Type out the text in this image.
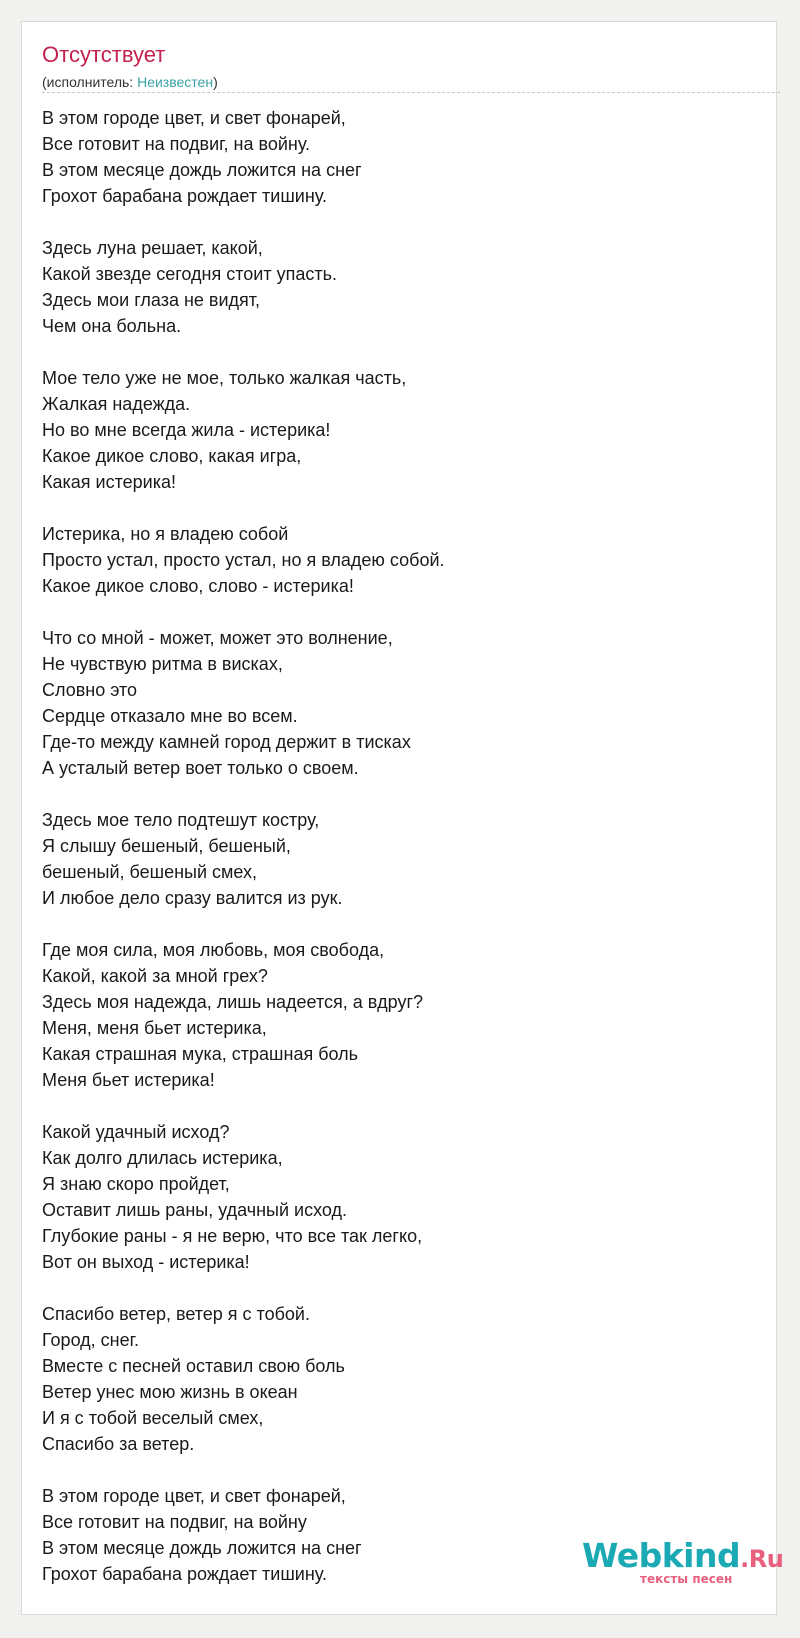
Отсутствует
(исполнитель: Неизвестен)
В этом городе цвет, и свет фонарей,
Все готовит на подвиг, на войну.
В этом месяце дождь ложится на снег
Грохот барабана рождает тишину.
Здесь луна решает, какой,
Какой звезде сегодня стоит упасть.
Здесь мои глаза не видят,
Чем она больна.
Мое тело уже не мое, только жалкая часть,
Жалкая надежда.
Но во мне всегда жила - истерика!
Какое дикое слово, какая игра,
Какая истерика!
Истерика, но я владею собой
Просто устал, просто устал, но я владею собой.
Какое дикое слово, слово - истерика!
Что со мной - может, может это волнение,
Не чувствую ритма в висках,
Словно это
Сердце отказало мне во всем.
Где-то между камней город держит в тисках
А усталый ветер воет только о своем.
Здесь мое тело подтешут костру,
Я слышу бешеный, бешеный,
бешеный, бешеный смех,
И любое дело сразу валится из рук.
Где моя сила, моя любовь, моя свобода,
Какой, какой за мной грех?
Здесь моя надежда, лишь надеется, а вдруг?
Меня, меня бьет истерика,
Какая страшная мука, страшная боль
Меня бьет истерика!
Какой удачный исход?
Как долго длилась истерика,
Я знаю скоро пройдет,
Оставит лишь раны, удачный исход.
Глубокие раны - я не верю, что все так легко,
Вот он выход - истерика!
Спасибо ветер, ветер я с тобой.
Город, снег.
Вместе с песней оставил свою боль
Ветер унес мою жизнь в океан
И я с тобой веселый смех,
Спасибо за ветер.
В этом городе цвет, и свет фонарей,
Все готовит на подвиг, на войну
В этом месяце дождь ложится на снег
Грохот барабана рождает тишину.	Webkind.Ru
тексты песен
